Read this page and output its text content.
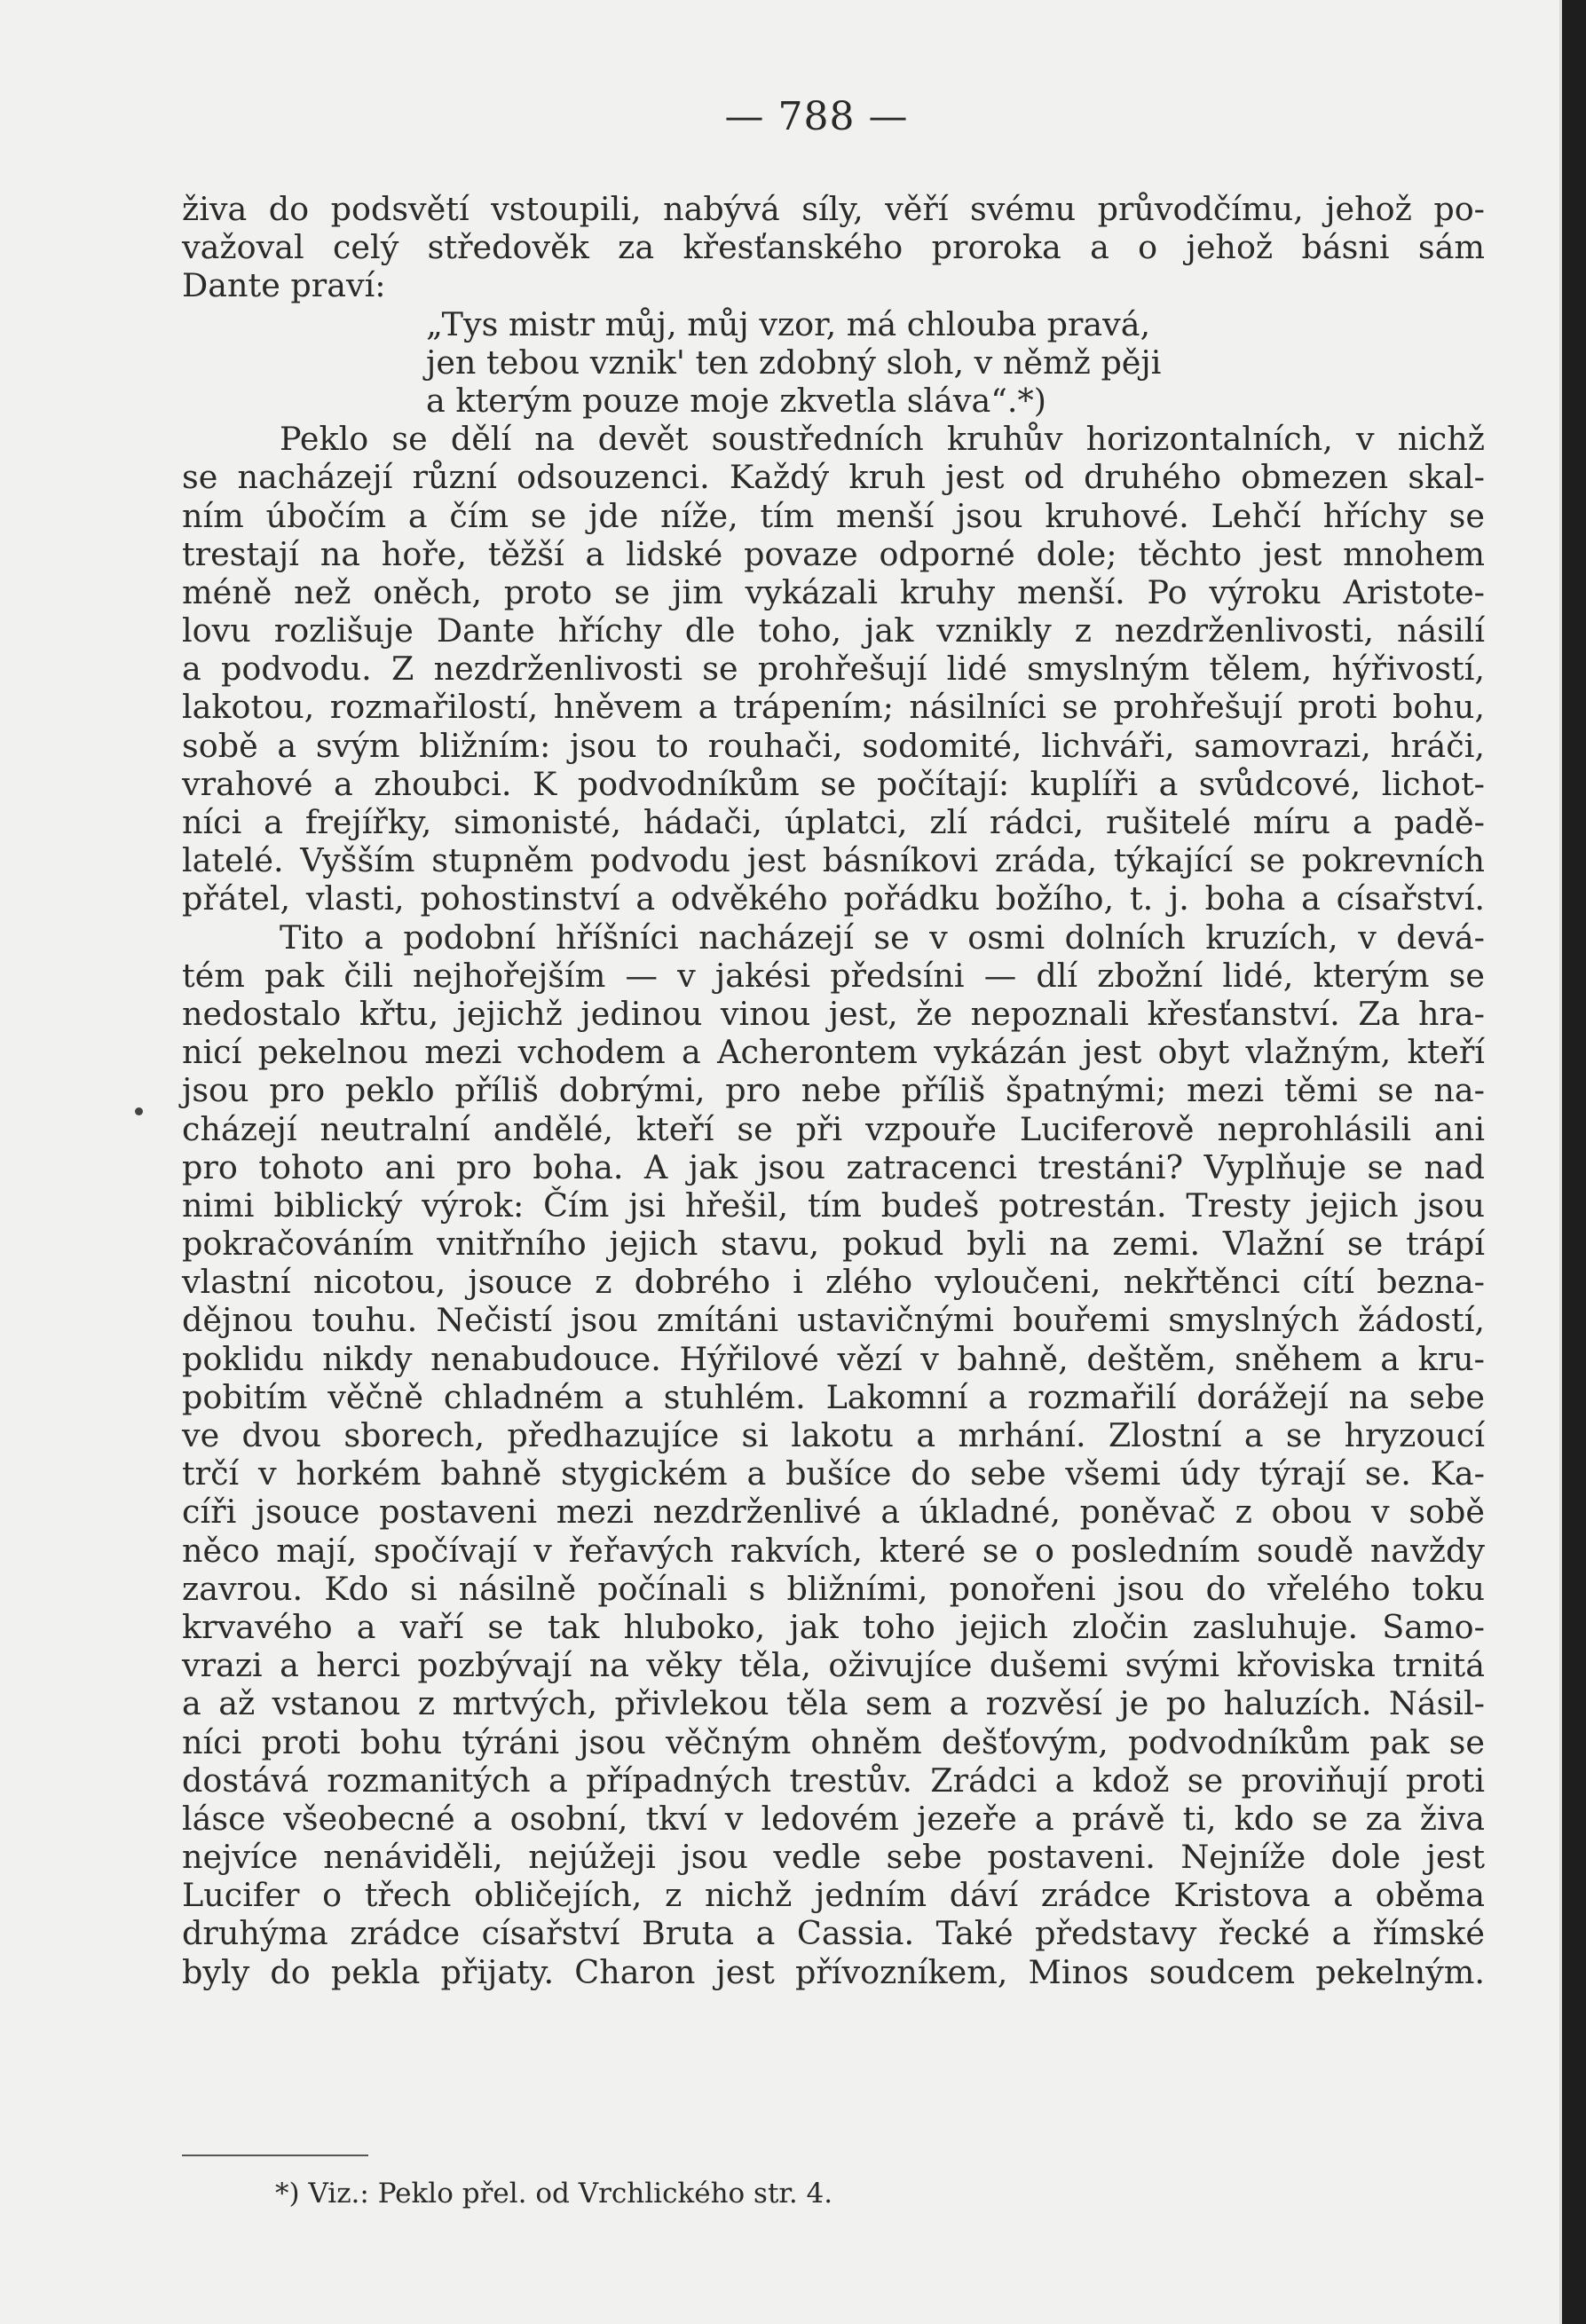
— 788 —
živa do podsvětí vstoupili, nabývá síly, věří svému průvodčímu, jehož po-
važoval celý středověk za křesťanského proroka a o jehož básni sám
Dante praví:
„Tys mistr můj, můj vzor, má chlouba pravá,
jen tebou vznik' ten zdobný sloh, v němž pěji
a kterým pouze moje zkvetla sláva“.*)
Peklo se dělí na devět soustředních kruhův horizontalních, v nichž
se nacházejí různí odsouzenci. Každý kruh jest od druhého obmezen skal-
ním úbočím a čím se jde níže, tím menší jsou kruhové. Lehčí hříchy se
trestají na hoře, těžší a lidské povaze odporné dole; těchto jest mnohem
méně než oněch, proto se jim vykázali kruhy menší. Po výroku Aristote-
lovu rozlišuje Dante hříchy dle toho, jak vznikly z nezdrženlivosti, násilí
a podvodu. Z nezdrženlivosti se prohřešují lidé smyslným tělem, hýřivostí,
lakotou, rozmařilostí, hněvem a trápením; násilníci se prohřešují proti bohu,
sobě a svým bližním: jsou to rouhači, sodomité, lichváři, samovrazi, hráči,
vrahové a zhoubci. K podvodníkům se počítají: kuplíři a svůdcové, lichot-
níci a frejířky, simonisté, hádači, úplatci, zlí rádci, rušitelé míru a padě-
latelé. Vyšším stupněm podvodu jest básníkovi zráda, týkající se pokrevních
přátel, vlasti, pohostinství a odvěkého pořádku božího, t. j. boha a císařství.
Tito a podobní hříšníci nacházejí se v osmi dolních kruzích, v devá-
tém pak čili nejhořejším — v jakési předsíni — dlí zbožní lidé, kterým se
nedostalo křtu, jejichž jedinou vinou jest, že nepoznali křesťanství. Za hra-
nicí pekelnou mezi vchodem a Acherontem vykázán jest obyt vlažným, kteří
jsou pro peklo příliš dobrými, pro nebe příliš špatnými; mezi těmi se na-
cházejí neutralní andělé, kteří se při vzpouře Luciferově neprohlásili ani
pro tohoto ani pro boha. A jak jsou zatracenci trestáni? Vyplňuje se nad
nimi biblický výrok: Čím jsi hřešil, tím budeš potrestán. Tresty jejich jsou
pokračováním vnitřního jejich stavu, pokud byli na zemi. Vlažní se trápí
vlastní nicotou, jsouce z dobrého i zlého vyloučeni, nekřtěnci cítí bezna-
dějnou touhu. Nečistí jsou zmítáni ustavičnými bouřemi smyslných žádostí,
poklidu nikdy nenabudouce. Hýřilové vězí v bahně, deštěm, sněhem a kru-
pobitím věčně chladném a stuhlém. Lakomní a rozmařilí dorážejí na sebe
ve dvou sborech, předhazujíce si lakotu a mrhání. Zlostní a se hryzoucí
trčí v horkém bahně stygickém a bušíce do sebe všemi údy týrají se. Ka-
cíři jsouce postaveni mezi nezdrženlivé a úkladné, poněvač z obou v sobě
něco mají, spočívají v řeřavých rakvích, které se o posledním soudě navždy
zavrou. Kdo si násilně počínali s bližními, ponořeni jsou do vřelého toku
krvavého a vaří se tak hluboko, jak toho jejich zločin zasluhuje. Samo-
vrazi a herci pozbývají na věky těla, oživujíce dušemi svými křoviska trnitá
a až vstanou z mrtvých, přivlekou těla sem a rozvěsí je po haluzích. Násil-
níci proti bohu týráni jsou věčným ohněm dešťovým, podvodníkům pak se
dostává rozmanitých a případných trestův. Zrádci a kdož se proviňují proti
lásce všeobecné a osobní, tkví v ledovém jezeře a právě ti, kdo se za živa
nejvíce nenáviděli, nejúžeji jsou vedle sebe postaveni. Nejníže dole jest
Lucifer o třech obličejích, z nichž jedním dáví zrádce Kristova a oběma
druhýma zrádce císařství Bruta a Cassia. Také představy řecké a římské
byly do pekla přijaty. Charon jest přívozníkem, Minos soudcem pekelným.
*) Viz.: Peklo přel. od Vrchlického str. 4.
